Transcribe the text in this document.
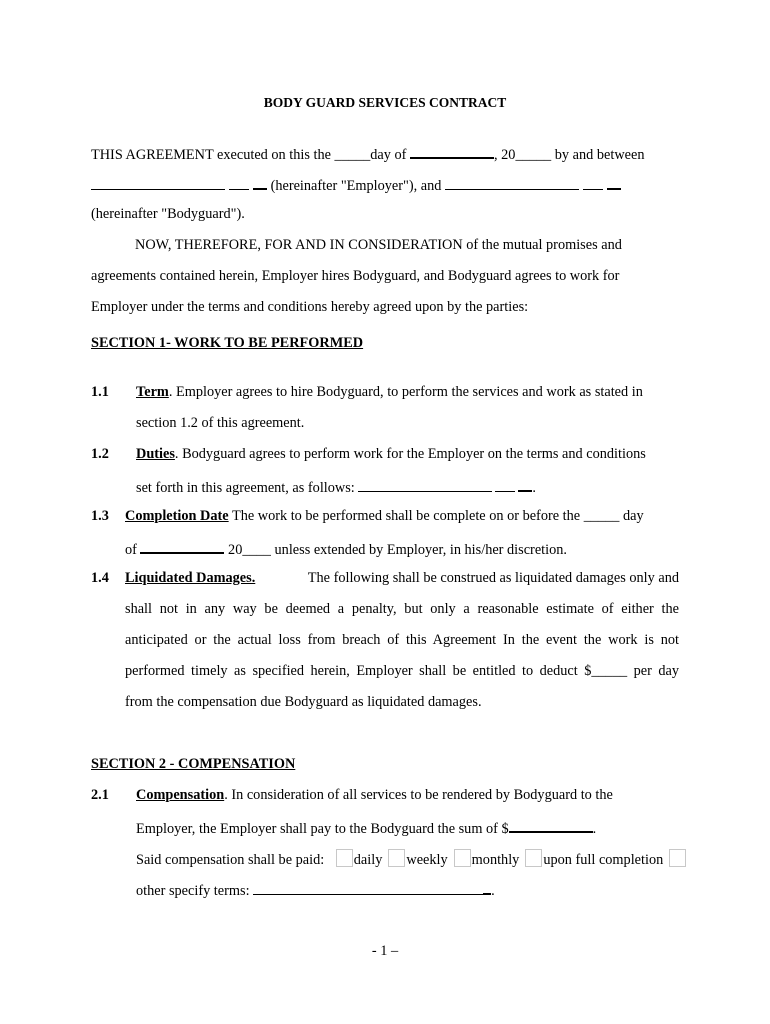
BODY GUARD SERVICES CONTRACT
THIS AGREEMENT executed on this the _____day of	, 20_____ by and between
(hereinafter "Employer"), and
(hereinafter "Bodyguard").
NOW, THEREFORE, FOR AND IN CONSIDERATION of the mutual promises and
agreements contained herein, Employer hires Bodyguard, and Bodyguard agrees to work for
Employer under the terms and conditions hereby agreed upon by the parties:
SECTION 1- WORK TO BE PERFORMED
1.1 Term. Employer agrees to hire Bodyguard, to perform the services and work as stated in
section 1.2 of this agreement.
1.2 Duties. Bodyguard agrees to perform work for the Employer on the terms and conditions
set forth in this agreement, as follows:	.
1.3 Completion Date The work to be performed shall be complete on or before the _____ day
of	20____ unless extended by Employer, in his/her discretion.
1.4 Liquidated Damages.	The following shall be construed as liquidated damages only and
shall not in any way be deemed a penalty, but only a reasonable estimate of either the
anticipated or the actual loss from breach of this Agreement In the event the work is not
performed timely as specified herein, Employer shall be entitled to deduct $_____ per day
from the compensation due Bodyguard as liquidated damages.
SECTION 2 - COMPENSATION
2.1 Compensation. In consideration of all services to be rendered by Bodyguard to the
Employer, the Employer shall pay to the Bodyguard the sum of $	.
Said compensation shall be paid: daily weekly monthly upon full completion
other specify terms:	.
- 1 –
